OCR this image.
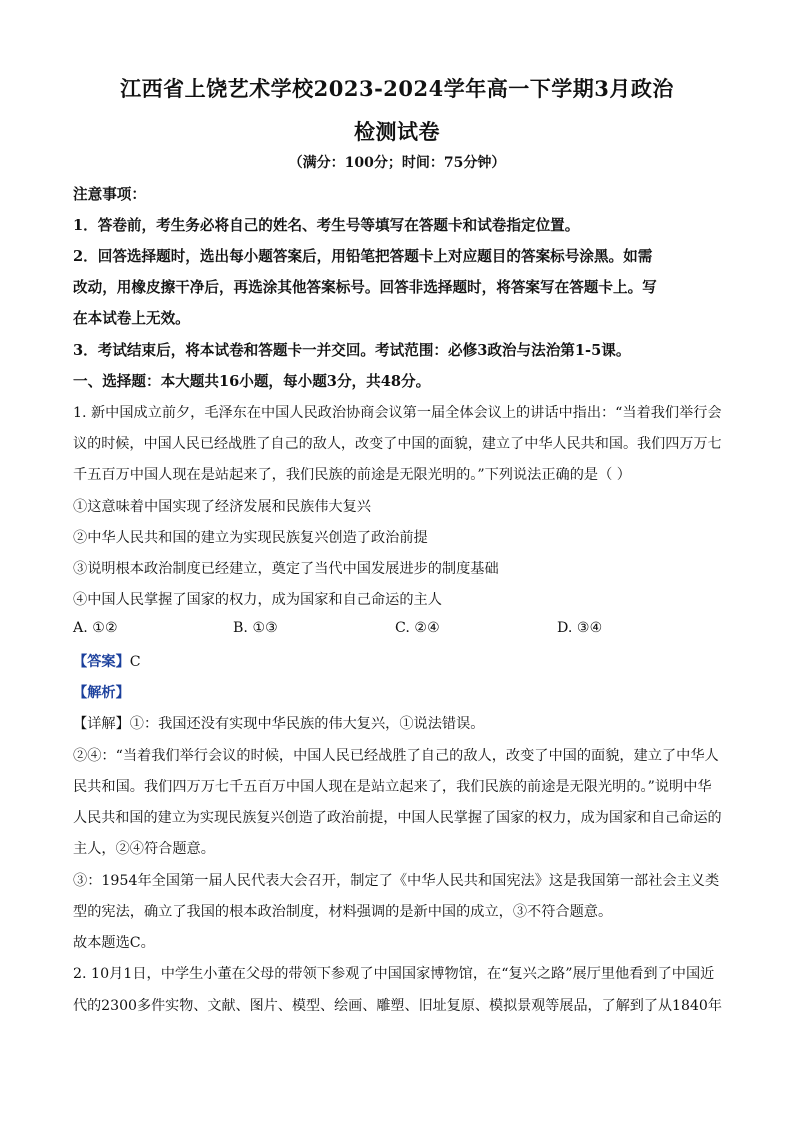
江西省上饶艺术学校2023-2024学年高一下学期3月政治
检测试卷
（满分：100分；时间：75分钟）
注意事项：
1．答卷前，考生务必将自己的姓名、考生号等填写在答题卡和试卷指定位置。
2．回答选择题时，选出每小题答案后，用铅笔把答题卡上对应题目的答案标号涂黑。如需
改动，用橡皮擦干净后，再选涂其他答案标号。回答非选择题时，将答案写在答题卡上。写
在本试卷上无效。
3．考试结束后，将本试卷和答题卡一并交回。考试范围：必修3政治与法治第1-5课。
一、选择题：本大题共16小题，每小题3分，共48分。
1. 新中国成立前夕，毛泽东在中国人民政治协商会议第一届全体会议上的讲话中指出：“当着我们举行会
议的时候，中国人民已经战胜了自己的敌人，改变了中国的面貌，建立了中华人民共和国。我们四万万七
千五百万中国人现在是站起来了，我们民族的前途是无限光明的。”下列说法正确的是（ ）
①这意味着中国实现了经济发展和民族伟大复兴
②中华人民共和国的建立为实现民族复兴创造了政治前提
③说明根本政治制度已经建立，奠定了当代中国发展进步的制度基础
④中国人民掌握了国家的权力，成为国家和自己命运的主人
A. ①②	B. ①③	C. ②④	D. ③④
【答案】C
【解析】
【详解】①：我国还没有实现中华民族的伟大复兴，①说法错误。
②④：“当着我们举行会议的时候，中国人民已经战胜了自己的敌人，改变了中国的面貌，建立了中华人
民共和国。我们四万万七千五百万中国人现在是站立起来了，我们民族的前途是无限光明的。”说明中华
人民共和国的建立为实现民族复兴创造了政治前提，中国人民掌握了国家的权力，成为国家和自己命运的
主人，②④符合题意。
③：1954年全国第一届人民代表大会召开，制定了《中华人民共和国宪法》这是我国第一部社会主义类
型的宪法，确立了我国的根本政治制度，材料强调的是新中国的成立，③不符合题意。
故本题选C。
2. 10月1日，中学生小董在父母的带领下参观了中国国家博物馆，在“复兴之路”展厅里他看到了中国近
代的2300多件实物、文献、图片、模型、绘画、雕塑、旧址复原、模拟景观等展品，了解到了从1840年
